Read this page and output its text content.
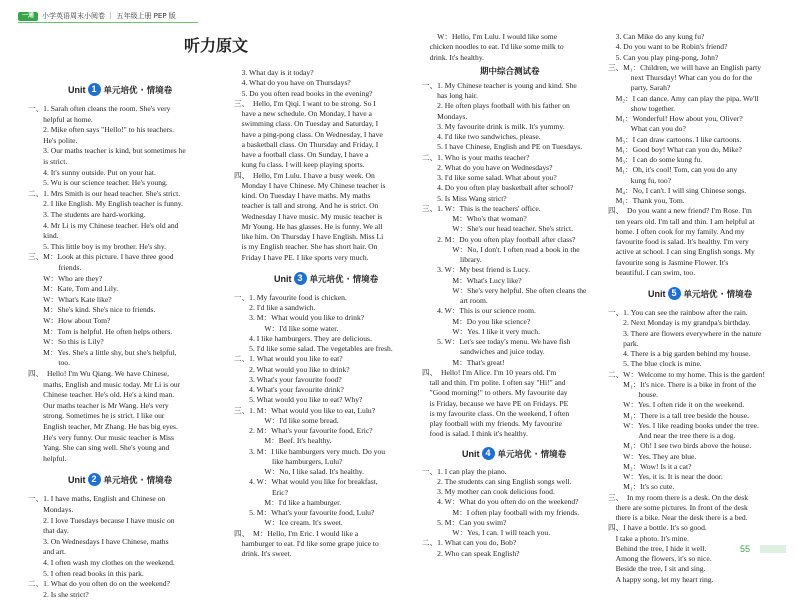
一通	小学英语周末小阅卷 ｜ 五年级上册 PEP 版
听力原文
Unit 1 单元培优 · 情境卷
一、1. Sarah often cleans the room. She's very
　　helpful at home.
　　2. Mike often says "Hello!" to his teachers.
　　He's polite.
　　3. Our maths teacher is kind, but sometimes he
　　is strict.
　　4. It's sunny outside. Put on your hat.
　　5. Wu is our science teacher. He's young.
二、1. Mrs Smith is our head teacher. She's strict.
　　2. I like English. My English teacher is funny.
　　3. The students are hard-working.
　　4. Mr Li is my Chinese teacher. He's old and
　　kind.
　　5. This little boy is my brother. He's shy.
三、M：Look at this picture. I have three good
　　　　friends.
　　W：Who are they?
　　M：Kate, Tom and Lily.
　　W：What's Kate like?
　　M：She's kind. She's nice to friends.
　　W：How about Tom?
　　M：Tom is helpful. He often helps others.
　　W：So this is Lily?
　　M：Yes. She's a little shy, but she's helpful,
　　　　too.
四、　Hello! I'm Wu Qiang. We have Chinese,
　　maths, English and music today. Mr Li is our
　　Chinese teacher. He's old. He's a kind man.
　　Our maths teacher is Mr Wang. He's very
　　strong. Sometimes he is strict. I like our
　　English teacher, Mr Zhang. He has big eyes.
　　He's very funny. Our music teacher is Miss
　　Yang. She can sing well. She's young and
　　helpful.
Unit 2 单元培优 · 情境卷
一、1. I have maths, English and Chinese on
　　Mondays.
　　2. I love Tuesdays because I have music on
　　that day.
　　3. On Wednesdays I have Chinese, maths
　　and art.
　　4. I often wash my clothes on the weekend.
　　5. I often read books in this park.
二、1. What do you often do on the weekend?
　　2. Is she strict?
　3. What day is it today?
　4. What do you have on Thursdays?
　5. Do you often read books in the evening?
三、　Hello, I'm Qiqi. I want to be strong. So I
　have a new schedule. On Monday, I have a
　swimming class. On Tuesday and Saturday, I
　have a ping-pong class. On Wednesday, I have
　a basketball class. On Thursday and Friday, I
　have a football class. On Sunday, I have a
　kung fu class. I will keep playing sports.
四、　Hello, I'm Lulu. I have a busy week. On
　Monday I have Chinese. My Chinese teacher is
　kind. On Tuesday I have maths. My maths
　teacher is tall and strong. And he is strict. On
　Wednesday I have music. My music teacher is
　Mr Young. He has glasses. He is funny. We all
　like him. On Thursday I have English. Miss Li
　is my English teacher. She has short hair. On
　Friday I have PE. I like sports very much.
Unit 3 单元培优 · 情境卷
一、1. My favourite food is chicken.
　　2. I'd like a sandwich.
　　3. M：What would you like to drink?
　　　　W：I'd like some water.
　　4. I like hamburgers. They are delicious.
　　5. I'd like some salad. The vegetables are fresh.
二、1. What would you like to eat?
　　2. What would you like to drink?
　　3. What's your favourite food?
　　4. What's your favourite drink?
　　5. What would you like to eat? Why?
三、1. M：What would you like to eat, Lulu?
　　　　W：I'd like some bread.
　　2. M：What's your favourite food, Eric?
　　　　M：Beef. It's healthy.
　　3. M：I like hamburgers very much. Do you
　　　　　like hamburgers, Lulu?
　　　　W：No, I like salad. It's healthy.
　　4. W：What would you like for breakfast,
　　　　　Eric?
　　　　M：I'd like a hamburger.
　　5. M：What's your favourite food, Lulu?
　　　　W：Ice cream. It's sweet.
四、　M：Hello, I'm Eric. I would like a
　hamburger to eat. I'd like some grape juice to
　drink. It's sweet.
　　W：Hello, I'm Lulu. I would like some
　chicken noodles to eat. I'd like some milk to
　drink. It's healthy.
期中综合测试卷
一、1. My Chinese teacher is young and kind. She
　　has long hair.
　　2. He often plays football with his father on
　　Mondays.
　　3. My favourite drink is milk. It's yummy.
　　4. I'd like two sandwiches, please.
　　5. I have Chinese, English and PE on Tuesdays.
二、1. Who is your maths teacher?
　　2. What do you have on Wednesdays?
　　3. I'd like some salad. What about you?
　　4. Do you often play basketball after school?
　　5. Is Miss Wang strict?
三、1. W：This is the teachers' office.
　　　　M：Who's that woman?
　　　　W：She's our head teacher. She's strict.
　　2. M：Do you often play football after class?
　　　　W：No, I don't. I often read a book in the
　　　　　library.
　　3. W：My best friend is Lucy.
　　　　M：What's Lucy like?
　　　　W：She's very helpful. She often cleans the
　　　　　art room.
　　4. W：This is our science room.
　　　　M：Do you like science?
　　　　W：Yes. I like it very much.
　　5. W：Let's see today's menu. We have fish
　　　　　sandwiches and juice today.
　　　　M：That's great!
四、　Hello! I'm Alice. I'm 10 years old. I'm
　tall and thin. I'm polite. I often say "Hi!" and
　"Good morning!" to others. My favourite day
　is Friday, because we have PE on Fridays. PE
　is my favourite class. On the weekend, I often
　play football with my friends. My favourite
　food is salad. I think it's healthy.
Unit 4 单元培优 · 情境卷
一、1. I can play the piano.
　　2. The students can sing English songs well.
　　3. My mother can cook delicious food.
　　4. W：What do you often do on the weekend?
　　　　M：I often play football with my friends.
　　5. M：Can you swim?
　　　　W：Yes, I can. I will teach you.
二、1. What can you do, Bob?
　　2. Who can speak English?
　3. Can Mike do any kung fu?
　4. Do you want to be Robin's friend?
　5. Can you play ping-pong, John?
三、M₁：Children, we will have an English party
　　　next Thursday! What can you do for the
　　　party, Sarah?
　M₂：I can dance. Amy can play the pipa. We'll
　　　show together.
　M₁：Wonderful! How about you, Oliver?
　　　What can you do?
　M₃：I can draw cartoons. I like cartoons.
　M₁：Good boy! What can you do, Mike?
　M₃：I can do some kung fu.
　M₁：Oh, it's cool! Tom, can you do any
　　　kung fu, too?
　M₄：No, I can't. I will sing Chinese songs.
　M₁：Thank you, Tom.
四、　Do you want a new friend? I'm Rose. I'm
　ten years old. I'm tall and thin. I am helpful at
　home. I often cook for my family. And my
　favourite food is salad. It's healthy. I'm very
　active at school. I can sing English songs. My
　favourite song is Jasmine Flower. It's
　beautiful. I can swim, too.
Unit 5 单元培优 · 情境卷
一、1. You can see the rainbow after the rain.
　　2. Next Monday is my grandpa's birthday.
　　3. There are flowers everywhere in the nature
　　park.
　　4. There is a big garden behind my house.
　　5. The blue clock is mine.
二、W：Welcome to my home. This is the garden!
　　M₁：It's nice. There is a bike in front of the
　　　　house.
　　W：Yes. I often ride it on the weekend.
　　M₁：There is a tall tree beside the house.
　　W：Yes. I like reading books under the tree.
　　　　And near the tree there is a dog.
　　M₁：Oh! I see two birds above the house.
　　W：Yes. They are blue.
　　M₂：Wow! Is it a cat?
　　W：Yes, it is. It is near the door.
　　M₁：It's so cute.
三、　In my room there is a desk. On the desk
　there are some pictures. In front of the desk
　there is a bike. Near the desk there is a bed.
四、I have a bottle. It's so good.
　I take a photo. It's mine.
　Behind the tree, I hide it well.
　Among the flowers, it's so nice.
　Beside the tree, I sit and sing.
　A happy song, let my heart ring.
55
